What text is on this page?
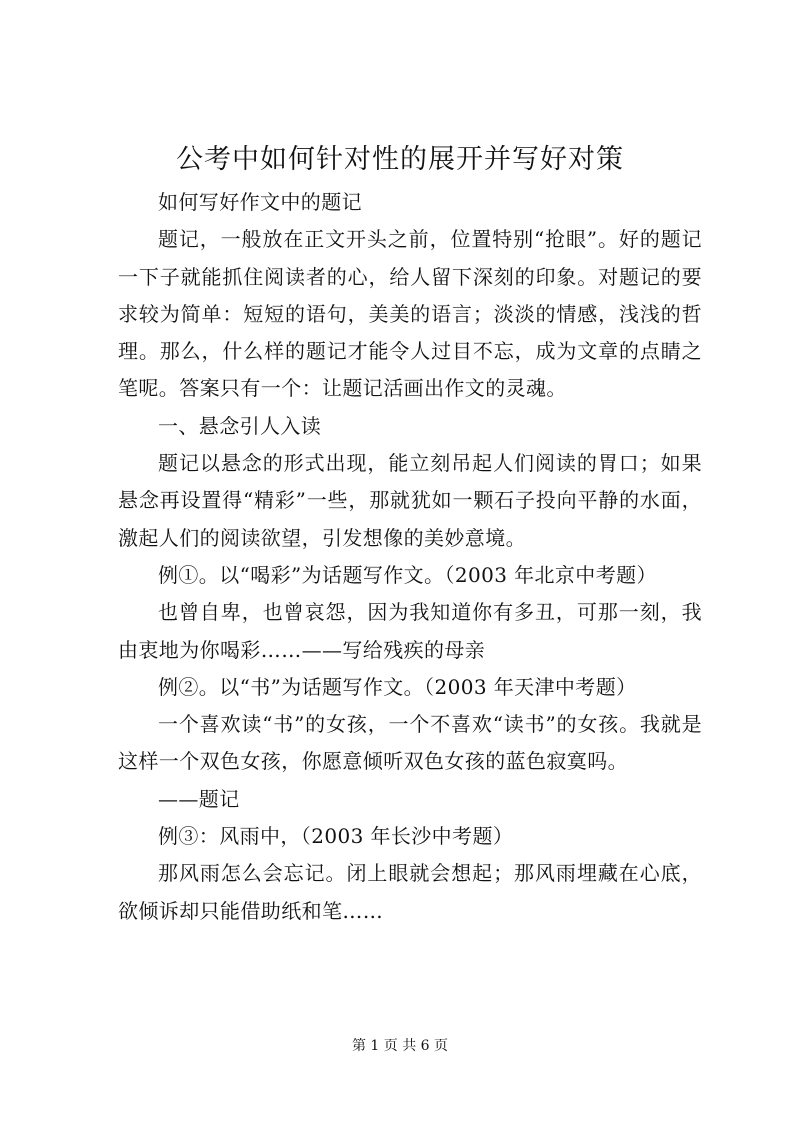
公考中如何针对性的展开并写好对策

如何写好作文中的题记

题记，一般放在正文开头之前，位置特别“抢眼”。好的题记一下子就能抓住阅读者的心，给人留下深刻的印象。对题记的要求较为简单：短短的语句，美美的语言；淡淡的情感，浅浅的哲理。那么，什么样的题记才能令人过目不忘，成为文章的点睛之笔呢。答案只有一个：让题记活画出作文的灵魂。

一、悬念引人入读

题记以悬念的形式出现，能立刻吊起人们阅读的胃口；如果悬念再设置得“精彩”一些，那就犹如一颗石子投向平静的水面，激起人们的阅读欲望，引发想像的美妙意境。

例①。以“喝彩”为话题写作文。（2003 年北京中考题）

也曾自卑，也曾哀怨，因为我知道你有多丑，可那一刻，我由衷地为你喝彩……——写给残疾的母亲

例②。以“书”为话题写作文。（2003 年天津中考题）

一个喜欢读“书”的女孩，一个不喜欢“读书”的女孩。我就是这样一个双色女孩，你愿意倾听双色女孩的蓝色寂寞吗。

——题记

例③：风雨中，（2003 年长沙中考题）

那风雨怎么会忘记。闭上眼就会想起；那风雨埋藏在心底，欲倾诉却只能借助纸和笔……

第 1 页 共 6 页
